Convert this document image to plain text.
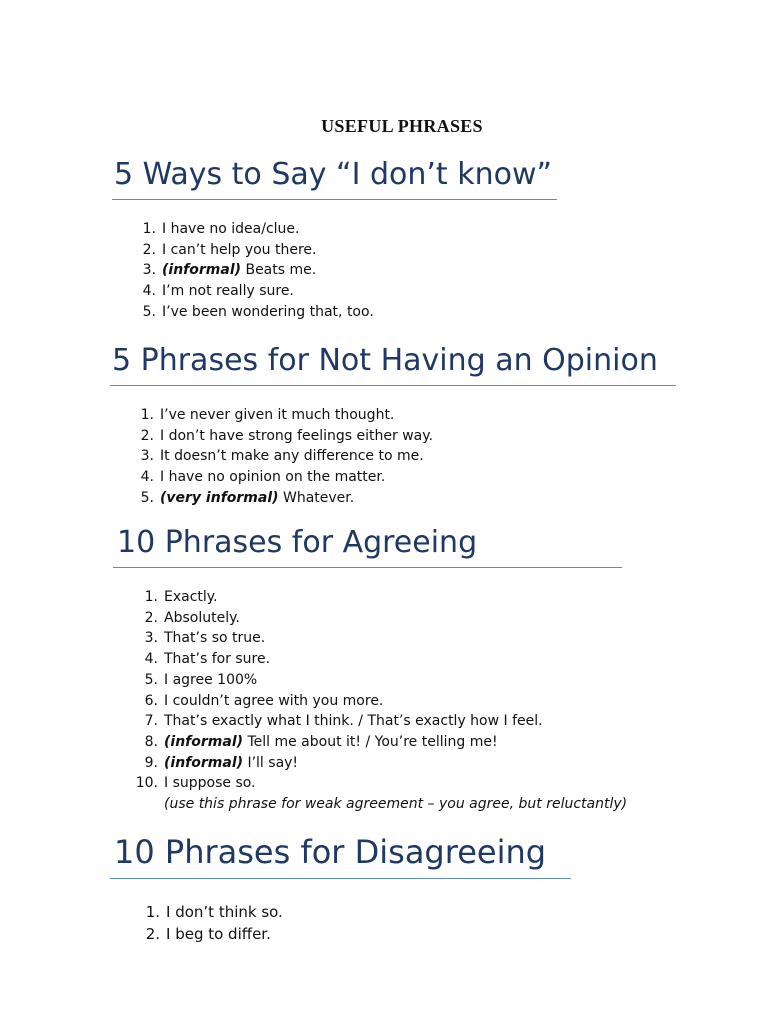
USEFUL PHRASES
5 Ways to Say “I don’t know”
1. I have no idea/clue.
2. I can’t help you there.
3. (informal) Beats me.
4. I’m not really sure.
5. I’ve been wondering that, too.
5 Phrases for Not Having an Opinion
1. I’ve never given it much thought.
2. I don’t have strong feelings either way.
3. It doesn’t make any difference to me.
4. I have no opinion on the matter.
5. (very informal) Whatever.
10 Phrases for Agreeing
1. Exactly.
2. Absolutely.
3. That’s so true.
4. That’s for sure.
5. I agree 100%
6. I couldn’t agree with you more.
7. That’s exactly what I think. / That’s exactly how I feel.
8. (informal) Tell me about it! / You’re telling me!
9. (informal) I’ll say!
10. I suppose so.
(use this phrase for weak agreement – you agree, but reluctantly)
10 Phrases for Disagreeing
1. I don’t think so.
2. I beg to differ.
